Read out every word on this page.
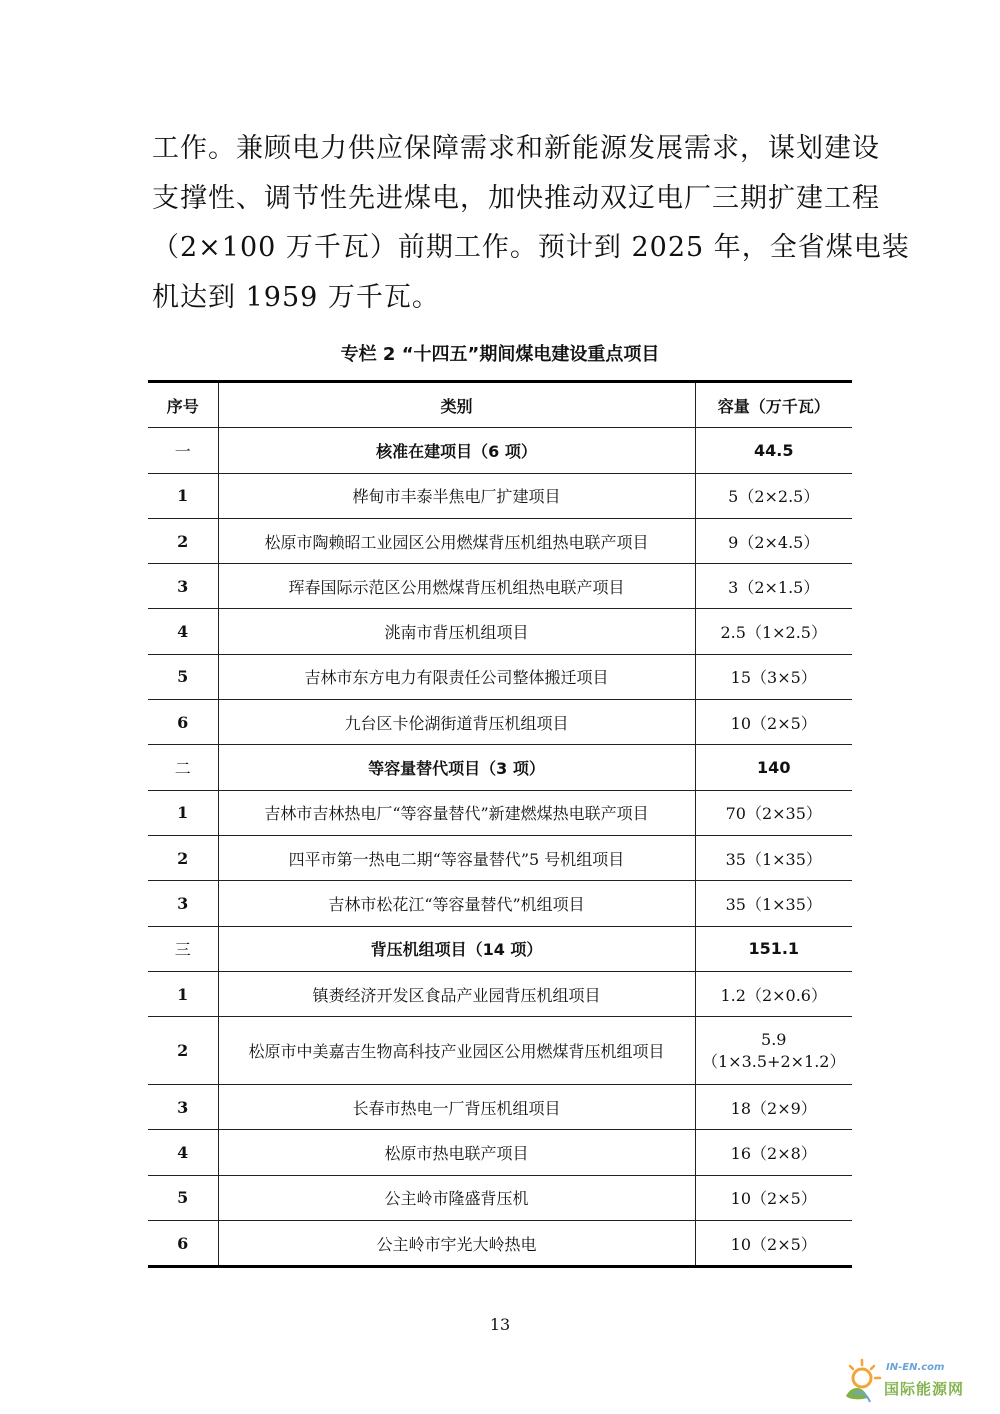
工作。兼顾电力供应保障需求和新能源发展需求，谋划建设
支撑性、调节性先进煤电，加快推动双辽电厂三期扩建工程
（2×100 万千瓦）前期工作。预计到 2025 年，全省煤电装
机达到 1959 万千瓦。
专栏 2 “十四五”期间煤电建设重点项目
序号	类别	容量（万千瓦）
一	核准在建项目（6 项）	44.5
1	桦甸市丰泰半焦电厂扩建项目	5（2×2.5）
2	松原市陶赖昭工业园区公用燃煤背压机组热电联产项目	9（2×4.5）
3	珲春国际示范区公用燃煤背压机组热电联产项目	3（2×1.5）
4	洮南市背压机组项目	2.5（1×2.5）
5	吉林市东方电力有限责任公司整体搬迁项目	15（3×5）
6	九台区卡伦湖街道背压机组项目	10（2×5）
二	等容量替代项目（3 项）	140
1	吉林市吉林热电厂“等容量替代”新建燃煤热电联产项目	70（2×35）
2	四平市第一热电二期“等容量替代”5 号机组项目	35（1×35）
3	吉林市松花江“等容量替代”机组项目	35（1×35）
三	背压机组项目（14 项）	151.1
1	镇赉经济开发区食品产业园背压机组项目	1.2（2×0.6）
2	松原市中美嘉吉生物高科技产业园区公用燃煤背压机组项目	5.9（1×3.5+2×1.2）
3	长春市热电一厂背压机组项目	18（2×9）
4	松原市热电联产项目	16（2×8）
5	公主岭市隆盛背压机	10（2×5）
6	公主岭市宇光大岭热电	10（2×5）
13
IN-EN.com
国际能源网
